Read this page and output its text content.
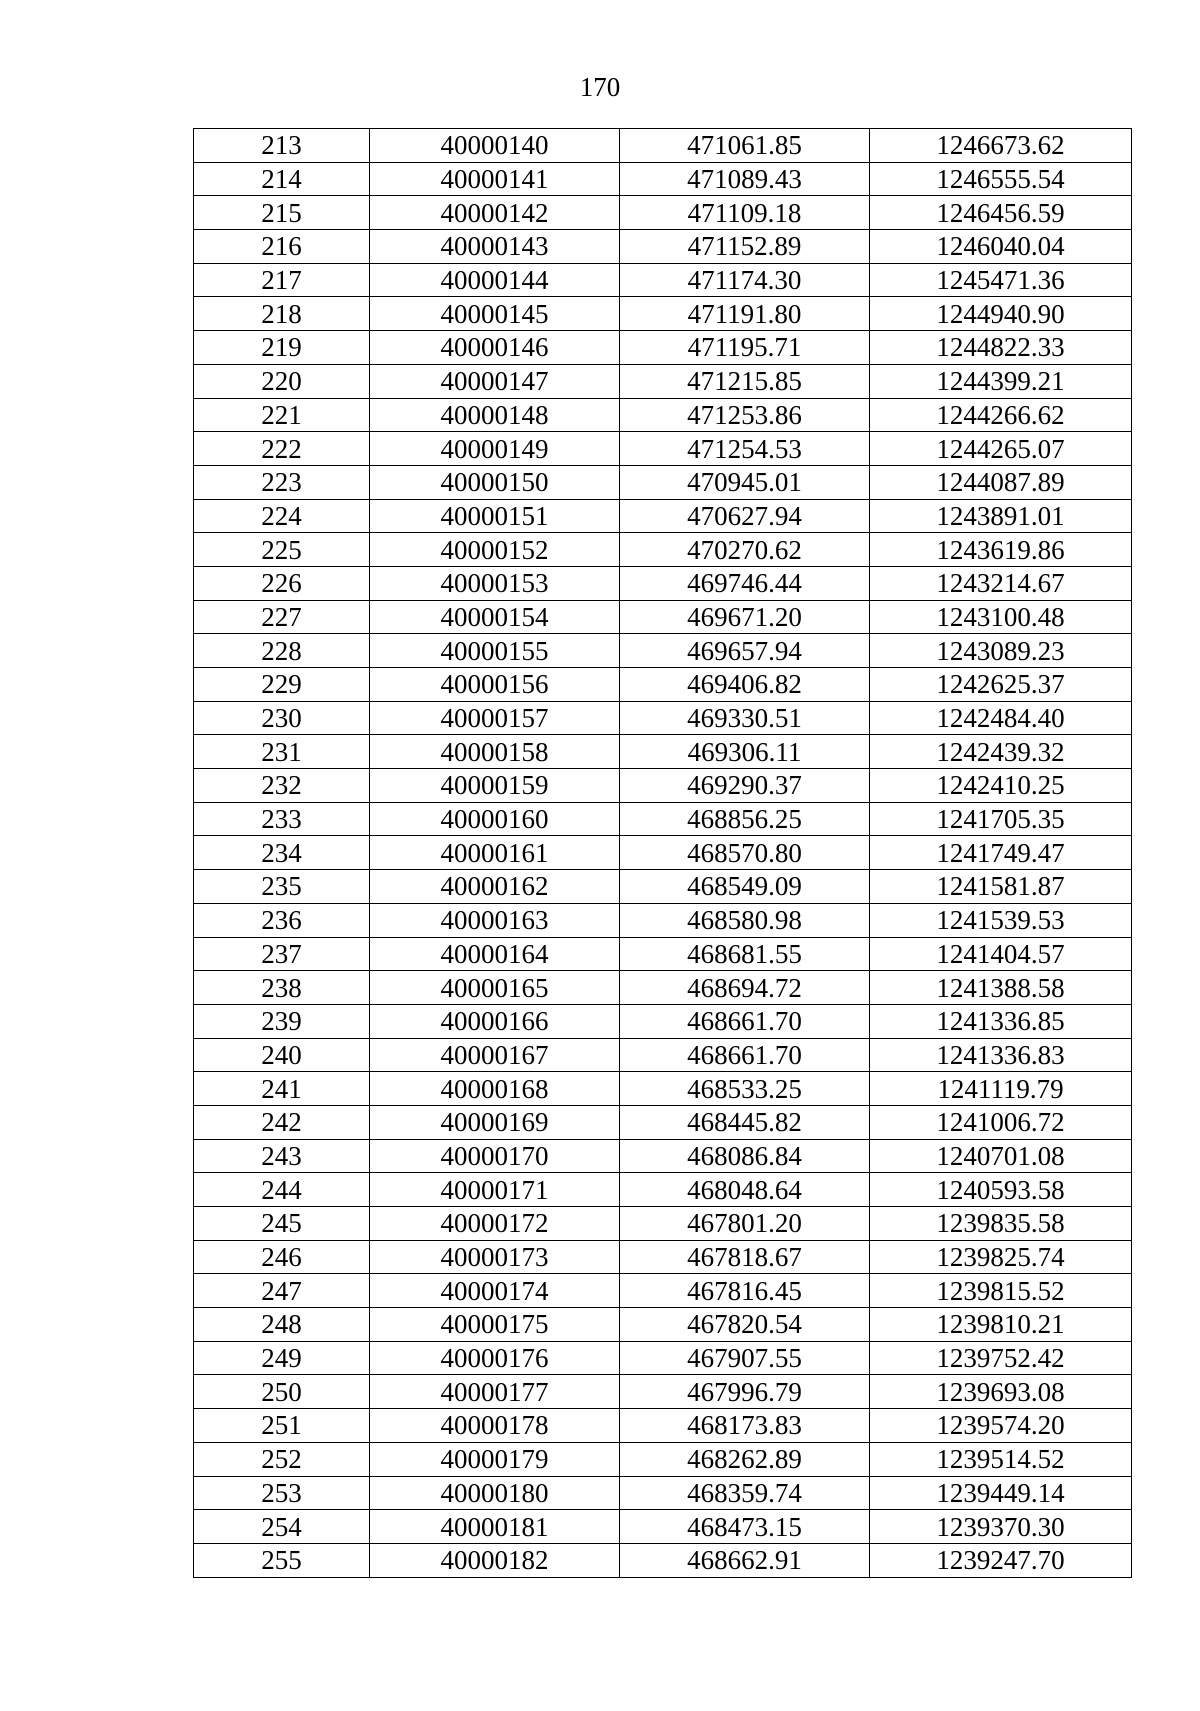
170
213	40000140	471061.85	1246673.62
214	40000141	471089.43	1246555.54
215	40000142	471109.18	1246456.59
216	40000143	471152.89	1246040.04
217	40000144	471174.30	1245471.36
218	40000145	471191.80	1244940.90
219	40000146	471195.71	1244822.33
220	40000147	471215.85	1244399.21
221	40000148	471253.86	1244266.62
222	40000149	471254.53	1244265.07
223	40000150	470945.01	1244087.89
224	40000151	470627.94	1243891.01
225	40000152	470270.62	1243619.86
226	40000153	469746.44	1243214.67
227	40000154	469671.20	1243100.48
228	40000155	469657.94	1243089.23
229	40000156	469406.82	1242625.37
230	40000157	469330.51	1242484.40
231	40000158	469306.11	1242439.32
232	40000159	469290.37	1242410.25
233	40000160	468856.25	1241705.35
234	40000161	468570.80	1241749.47
235	40000162	468549.09	1241581.87
236	40000163	468580.98	1241539.53
237	40000164	468681.55	1241404.57
238	40000165	468694.72	1241388.58
239	40000166	468661.70	1241336.85
240	40000167	468661.70	1241336.83
241	40000168	468533.25	1241119.79
242	40000169	468445.82	1241006.72
243	40000170	468086.84	1240701.08
244	40000171	468048.64	1240593.58
245	40000172	467801.20	1239835.58
246	40000173	467818.67	1239825.74
247	40000174	467816.45	1239815.52
248	40000175	467820.54	1239810.21
249	40000176	467907.55	1239752.42
250	40000177	467996.79	1239693.08
251	40000178	468173.83	1239574.20
252	40000179	468262.89	1239514.52
253	40000180	468359.74	1239449.14
254	40000181	468473.15	1239370.30
255	40000182	468662.91	1239247.70
